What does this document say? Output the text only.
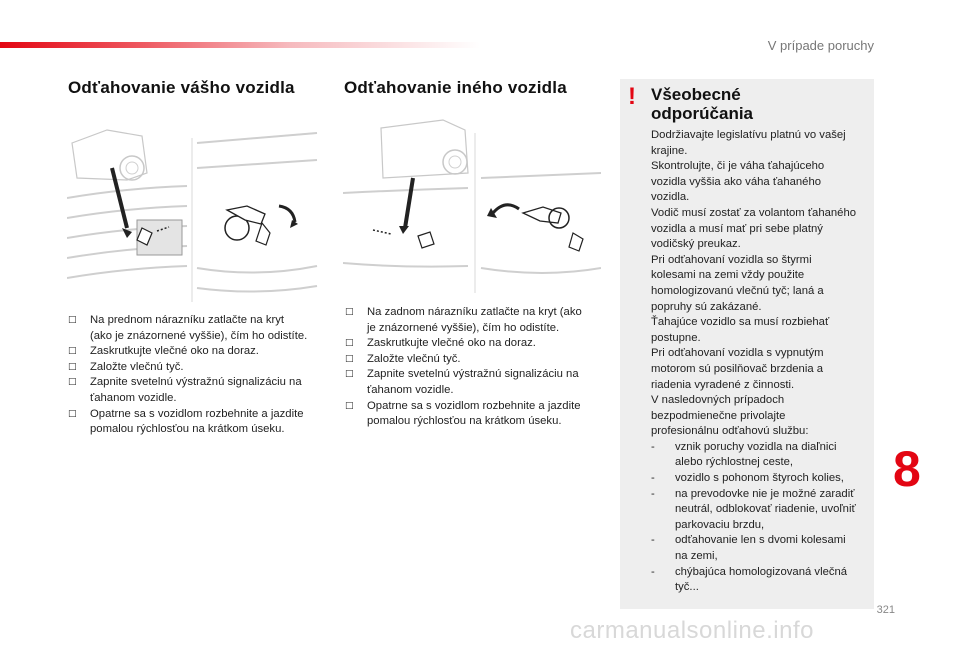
V prípade poruchy
Odťahovanie vášho vozidla
□ Na prednom nárazníku zatlačte na kryt
(ako je znázornené vyššie), čím ho odistíte.
□ Zaskrutkujte vlečné oko na doraz.
□ Založte vlečnú tyč.
□ Zapnite svetelnú výstražnú signalizáciu na
ťahanom vozidle.
□ Opatrne sa s vozidlom rozbehnite a jazdite
pomalou rýchlosťou na krátkom úseku.
Odťahovanie iného vozidla
□ Na zadnom nárazníku zatlačte na kryt (ako
je znázornené vyššie), čím ho odistíte.
□ Zaskrutkujte vlečné oko na doraz.
□ Založte vlečnú tyč.
□ Zapnite svetelnú výstražnú signalizáciu na
ťahanom vozidle.
□ Opatrne sa s vozidlom rozbehnite a jazdite
pomalou rýchlosťou na krátkom úseku.
! Všeobecné
odporúčania

Dodržiavajte legislatívu platnú vo vašej
krajine.
Skontrolujte, či je váha ťahajúceho
vozidla vyššia ako váha ťahaného
vozidla.
Vodič musí zostať za volantom ťahaného
vozidla a musí mať pri sebe platný
vodičský preukaz.
Pri odťahovaní vozidla so štyrmi
kolesami na zemi vždy použite
homologizovanú vlečnú tyč; laná a
popruhy sú zakázané.
Ťahajúce vozidlo sa musí rozbiehať
postupne.
Pri odťahovaní vozidla s vypnutým
motorom sú posilňovač brzdenia a
riadenia vyradené z činnosti.
V nasledovných prípadoch
bezpodmienečne privolajte
profesionálnu odťahovú službu:

- vznik poruchy vozidla na diaľnici
alebo rýchlostnej ceste,
- vozidlo s pohonom štyroch kolies,
- na prevodovke nie je možné zaradiť
neutrál, odblokovať riadenie, uvoľniť
parkovaciu brzdu,
- odťahovanie len s dvomi kolesami
na zemi,
- chýbajúca homologizovaná vlečná
tyč...
8
321
carmanualsonline.info
